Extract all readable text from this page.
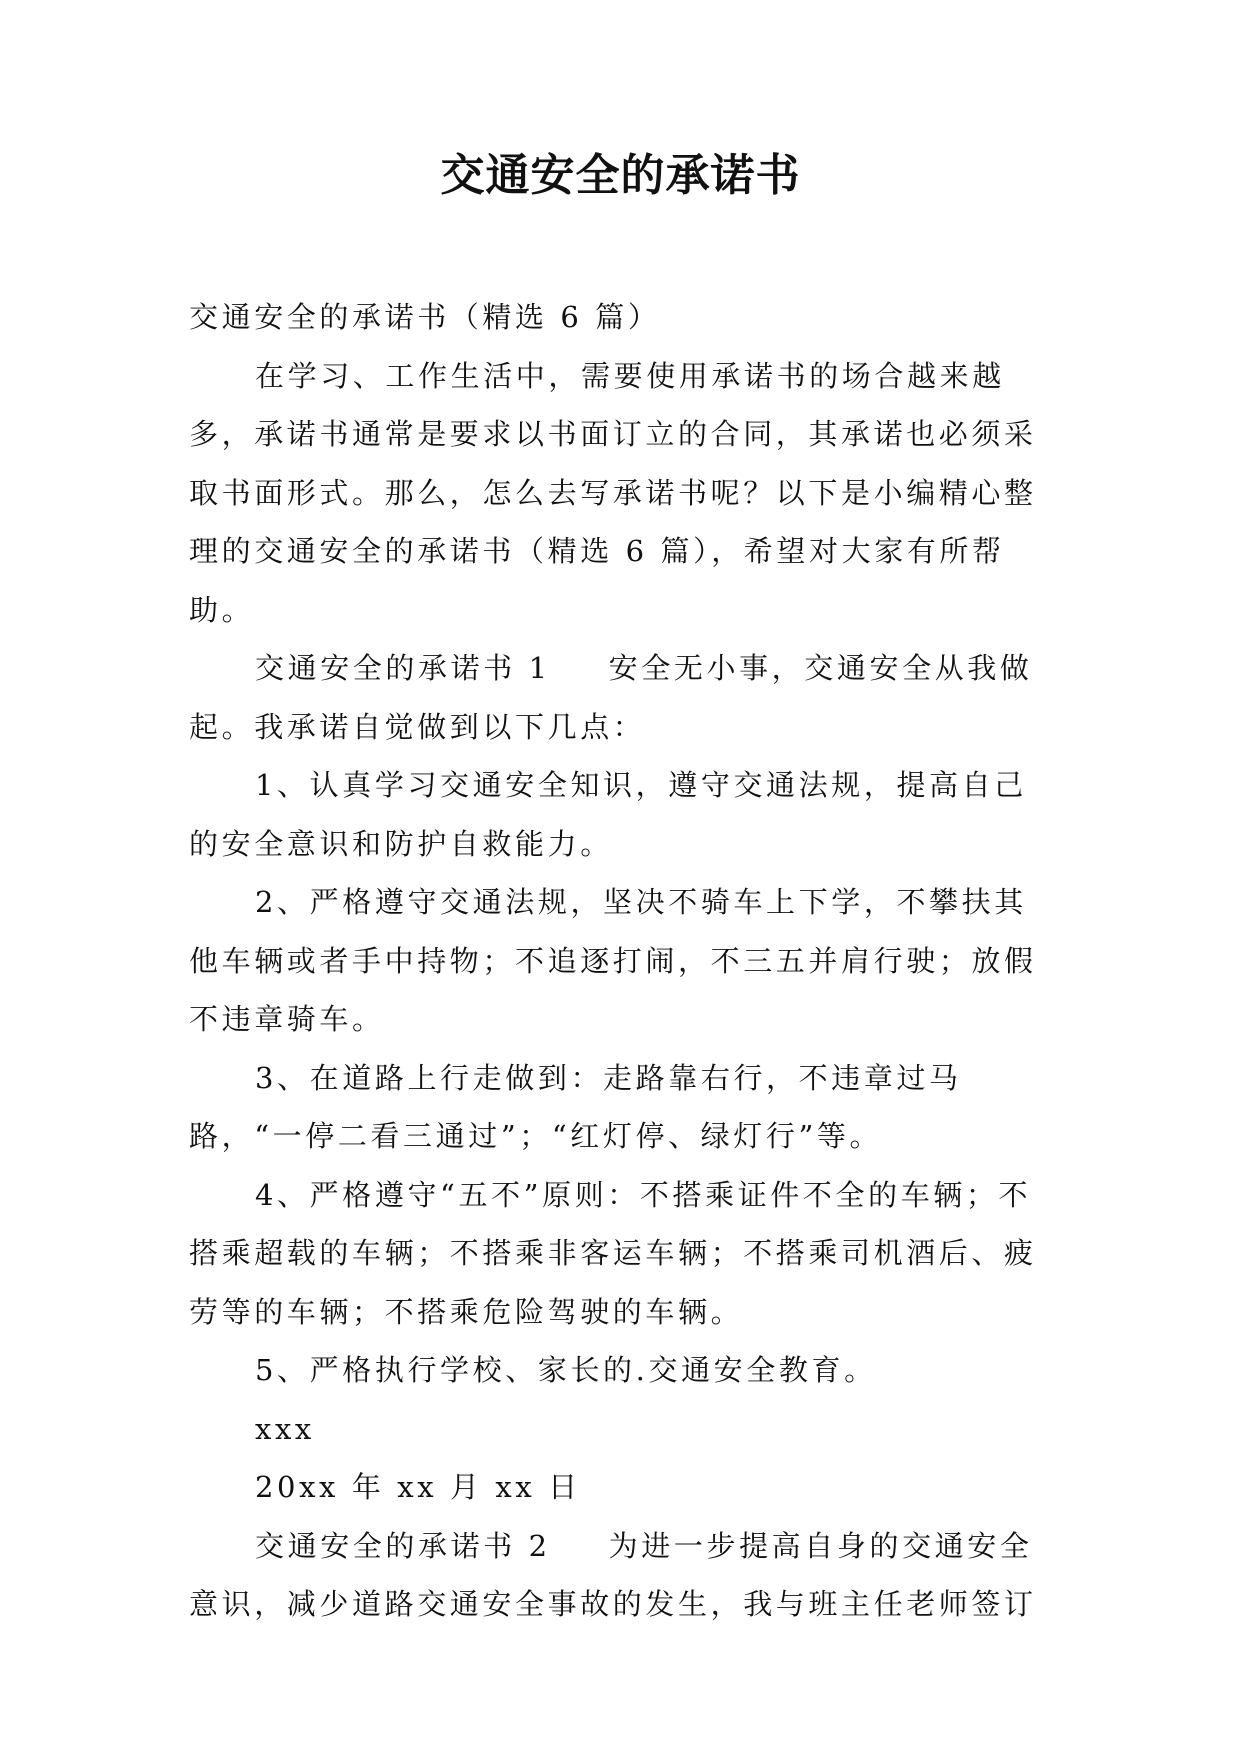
交通安全的承诺书

交通安全的承诺书（精选 6 篇）

在学习、工作生活中，需要使用承诺书的场合越来越多，承诺书通常是要求以书面订立的合同，其承诺也必须采取书面形式。那么，怎么去写承诺书呢？以下是小编精心整理的交通安全的承诺书（精选 6 篇），希望对大家有所帮助。

交通安全的承诺书 1 安全无小事，交通安全从我做起。我承诺自觉做到以下几点：

1、认真学习交通安全知识，遵守交通法规，提高自己的安全意识和防护自救能力。

2、严格遵守交通法规，坚决不骑车上下学，不攀扶其他车辆或者手中持物；不追逐打闹，不三五并肩行驶；放假不违章骑车。

3、在道路上行走做到：走路靠右行，不违章过马路，“一停二看三通过”；“红灯停、绿灯行”等。

4、严格遵守“五不”原则：不搭乘证件不全的车辆；不搭乘超载的车辆；不搭乘非客运车辆；不搭乘司机酒后、疲劳等的车辆；不搭乘危险驾驶的车辆。

5、严格执行学校、家长的.交通安全教育。

xxx

20xx 年 xx 月 xx 日

交通安全的承诺书 2 为进一步提高自身的交通安全意识，减少道路交通安全事故的发生，我与班主任老师签订
